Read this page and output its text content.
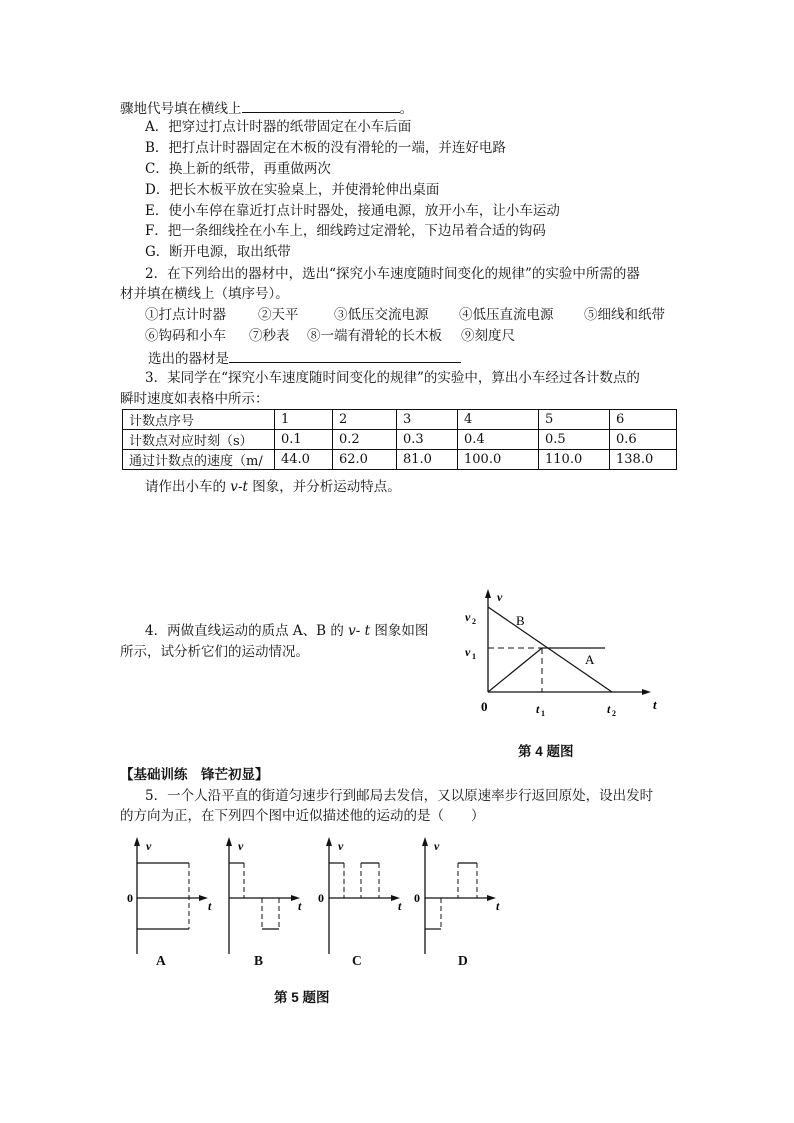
骤地代号填在横线上	。
A．把穿过打点计时器的纸带固定在小车后面
B．把打点计时器固定在木板的没有滑轮的一端，并连好电路
C．换上新的纸带，再重做两次
D．把长木板平放在实验桌上，并使滑轮伸出桌面
E．使小车停在靠近打点计时器处，接通电源，放开小车，让小车运动
F．把一条细线拴在小车上，细线跨过定滑轮，下边吊着合适的钩码
G．断开电源，取出纸带
2．在下列给出的器材中，选出“探究小车速度随时间变化的规律”的实验中所需的器
材并填在横线上（填序号）。
①打点计时器 ②天平	③低压交流电源 ④低压直流电源 ⑤细线和纸带
⑥钩码和小车 ⑦秒表 ⑧一端有滑轮的长木板 ⑨刻度尺
选出的器材是
3．某同学在“探究小车速度随时间变化的规律”的实验中，算出小车经过各计数点的
瞬时速度如表格中所示：
计数点序号	1	2	3	4	5	6
计数点对应时刻（s）	0.1	0.2	0.3	0.4	0.5	0.6
通过计数点的速度（m/	44.0	62.0	81.0	100.0	110.0	138.0
请作出小车的 v-t 图象，并分析运动特点。
4．两做直线运动的质点 A、B 的 v- t 图象如图
所示，试分析它们的运动情况。
v
t
0
v 2
v 1
t 1	t 2
B
A
第 4 题图
【基础训练　锋芒初显】
5．一个人沿平直的街道匀速步行到邮局去发信，又以原速率步行返回原处，设出发时
的方向为正，在下列四个图中近似描述他的运动的是（　　）
v
t
0
A
v
t
B
v
t
0
C
v
t
0
D
第 5 题图
